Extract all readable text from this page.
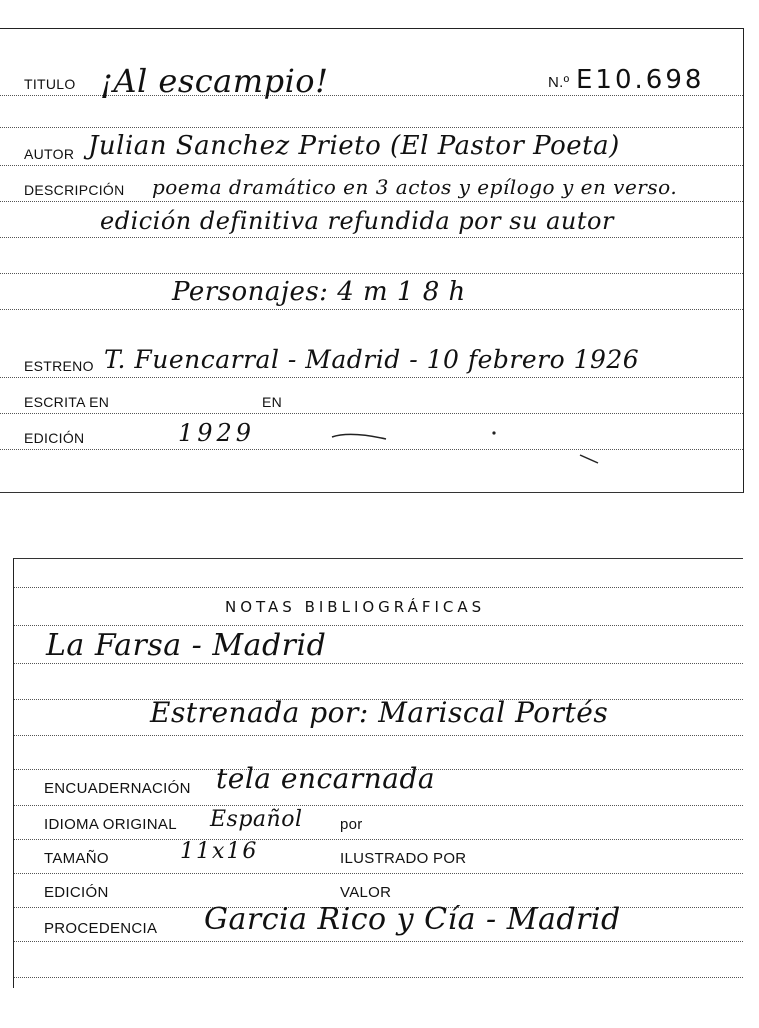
TITULO ¡Al escampio!	N.º E10.698
AUTOR Julian Sanchez Prieto (El Pastor Poeta)
DESCRIPCIÓN poema dramático en 3 actos y epílogo y en verso.
edición definitiva refundida por su autor
Personajes: 4 m 1 8 h
ESTRENO T. Fuencarral - Madrid - 10 febrero 1926
ESCRITA EN	EN
EDICIÓN	1929
NOTAS BIBLIOGRÁFICAS
La Farsa - Madrid
Estrenada por: Mariscal Portés
ENCUADERNACIÓN tela encarnada
IDIOMA ORIGINAL Español	por
TAMAÑO	11x16	ILUSTRADO POR
EDICIÓN	VALOR
PROCEDENCIA Garcia Rico y Cía - Madrid
